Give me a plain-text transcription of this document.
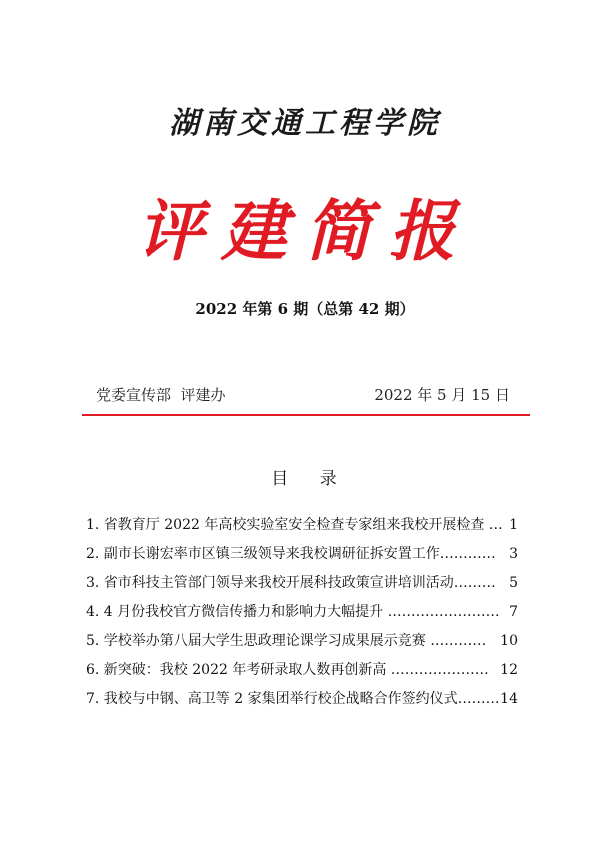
湖南交通工程学院
评建简报
2022 年第 6 期（总第 42 期）
党委宣传部  评建办	2022 年 5 月 15 日
目    录
1. 省教育厅 2022 年高校实验室安全检查专家组来我校开展检查 … 1
2. 副市长谢宏率市区镇三级领导来我校调研征拆安置工作………… 3
3. 省市科技主管部门领导来我校开展科技政策宣讲培训活动……… 5
4. 4 月份我校官方微信传播力和影响力大幅提升 …………………… 7
5. 学校举办第八届大学生思政理论课学习成果展示竞赛 ………… 10
6. 新突破：我校 2022 年考研录取人数再创新高 ………………… 12
7. 我校与中钢、高卫等 2 家集团举行校企战略合作签约仪式……… 14
